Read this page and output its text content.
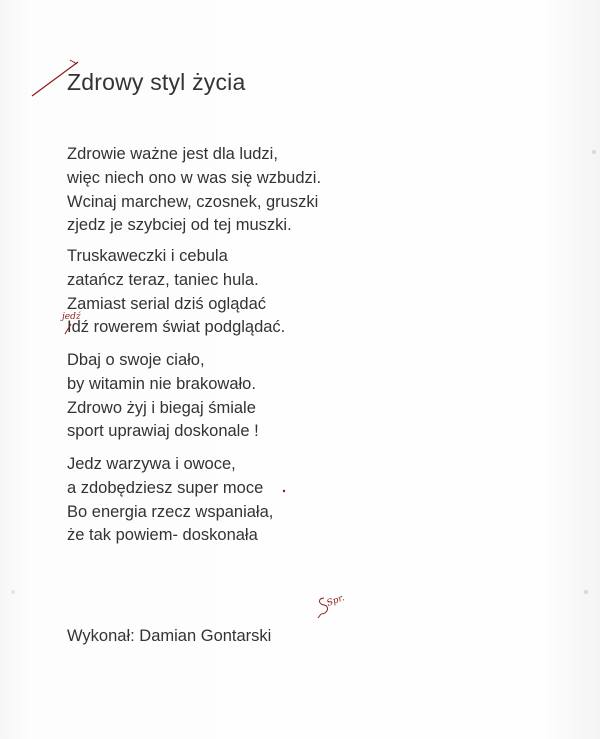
Zdrowy styl życia
Zdrowie ważne jest dla ludzi,
więc niech ono w was się wzbudzi.
Wcinaj marchew, czosnek, gruszki
zjedz je szybciej od tej muszki.
Truskaweczki i cebula
zatańcz teraz, taniec hula.
Zamiast serial dziś oglądać
Idź rowerem świat podglądać.
jedź
Dbaj o swoje ciało,
by witamin nie brakowało.
Zdrowo żyj i biegaj śmiale
sport uprawiaj doskonale !
Jedz warzywa i owoce,
a zdobędziesz super moce
Bo energia rzecz wspaniała,
że tak powiem- doskonała
Spr.
Wykonał: Damian Gontarski
